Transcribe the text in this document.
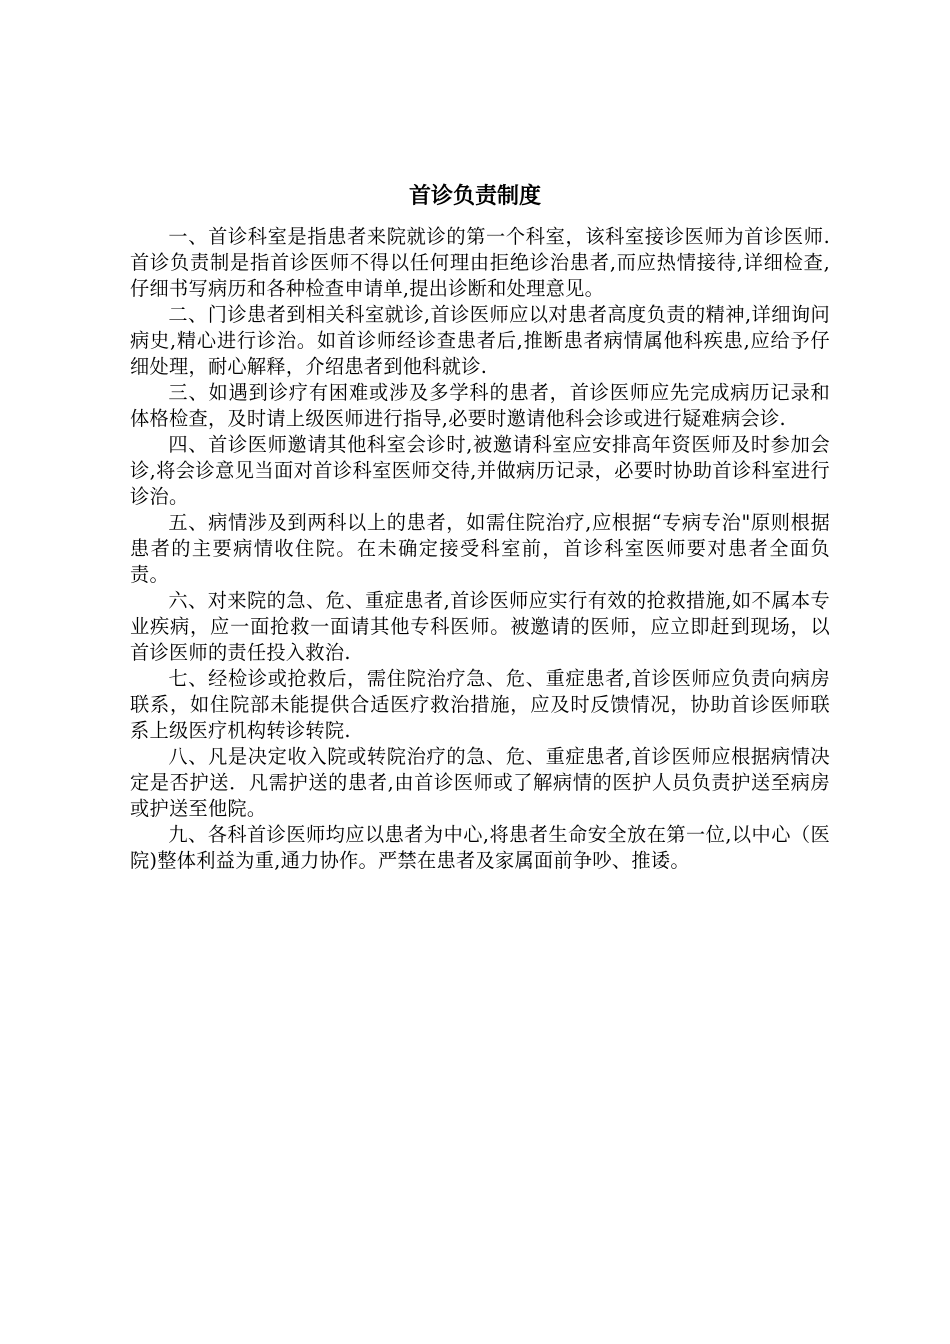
首诊负责制度

一、首诊科室是指患者来院就诊的第一个科室，该科室接诊医师为首诊医师.首诊负责制是指首诊医师不得以任何理由拒绝诊治患者,而应热情接待,详细检查,仔细书写病历和各种检查申请单,提出诊断和处理意见。

二、门诊患者到相关科室就诊,首诊医师应以对患者高度负责的精神,详细询问病史,精心进行诊治。如首诊师经诊查患者后,推断患者病情属他科疾患,应给予仔细处理，耐心解释，介绍患者到他科就诊.

三、如遇到诊疗有困难或涉及多学科的患者，首诊医师应先完成病历记录和体格检查，及时请上级医师进行指导,必要时邀请他科会诊或进行疑难病会诊.

四、首诊医师邀请其他科室会诊时,被邀请科室应安排高年资医师及时参加会诊,将会诊意见当面对首诊科室医师交待,并做病历记录，必要时协助首诊科室进行诊治。

五、病情涉及到两科以上的患者，如需住院治疗,应根据“专病专治"原则根据患者的主要病情收住院。在未确定接受科室前，首诊科室医师要对患者全面负责。

六、对来院的急、危、重症患者,首诊医师应实行有效的抢救措施,如不属本专业疾病，应一面抢救一面请其他专科医师。被邀请的医师，应立即赶到现场，以首诊医师的责任投入救治.

七、经检诊或抢救后，需住院治疗急、危、重症患者,首诊医师应负责向病房联系，如住院部未能提供合适医疗救治措施，应及时反馈情况，协助首诊医师联系上级医疗机构转诊转院.

八、凡是决定收入院或转院治疗的急、危、重症患者,首诊医师应根据病情决定是否护送．凡需护送的患者,由首诊医师或了解病情的医护人员负责护送至病房或护送至他院。

九、各科首诊医师均应以患者为中心,将患者生命安全放在第一位,以中心（医院)整体利益为重,通力协作。严禁在患者及家属面前争吵、推诿。
